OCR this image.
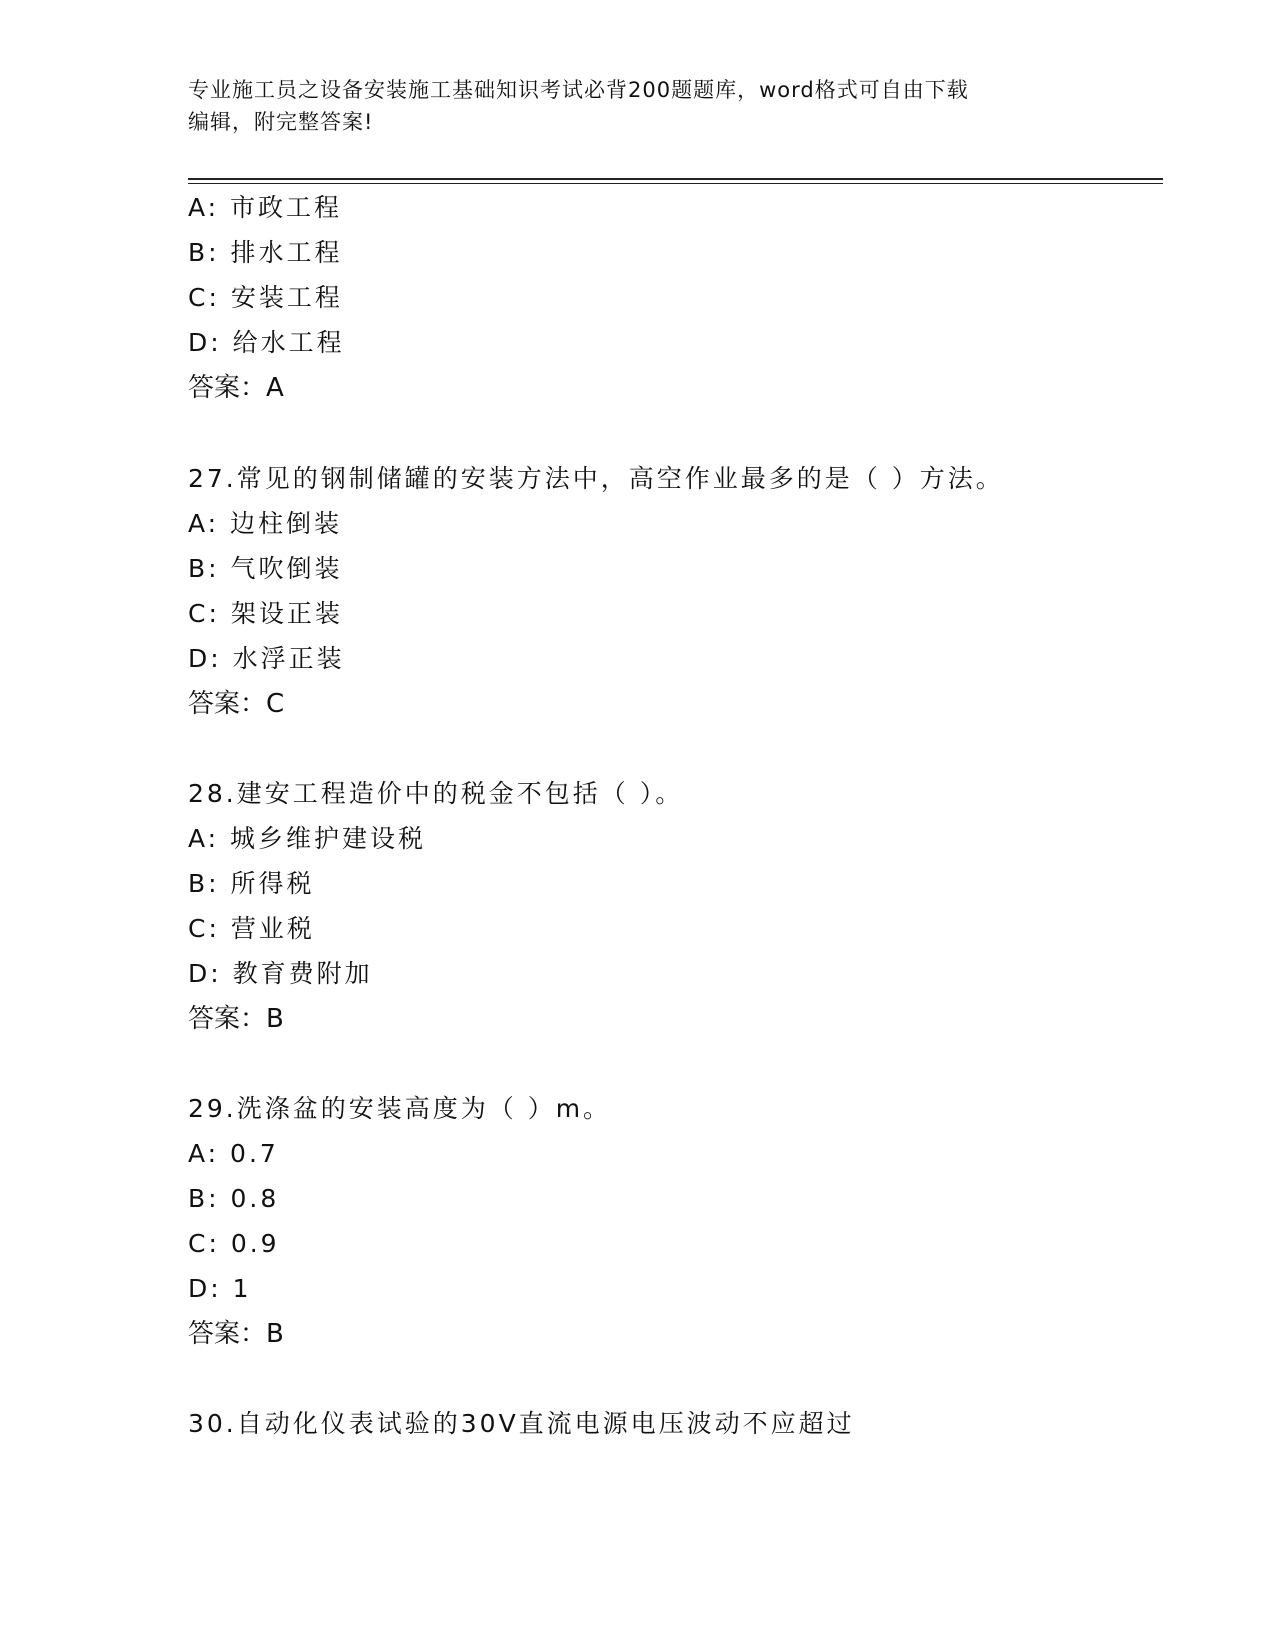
专业施工员之设备安装施工基础知识考试必背200题题库，word格式可自由下载
编辑，附完整答案!
A: 市政工程
B: 排水工程
C: 安装工程
D: 给水工程
答案：A
27.常见的钢制储罐的安装方法中，高空作业最多的是（ ）方法。
A: 边柱倒装
B: 气吹倒装
C: 架设正装
D: 水浮正装
答案：C
28.建安工程造价中的税金不包括（ ）。
A: 城乡维护建设税
B: 所得税
C: 营业税
D: 教育费附加
答案：B
29.洗涤盆的安装高度为（ ）m。
A: 0.7
B: 0.8
C: 0.9
D: 1
答案：B
30.自动化仪表试验的30V直流电源电压波动不应超过
